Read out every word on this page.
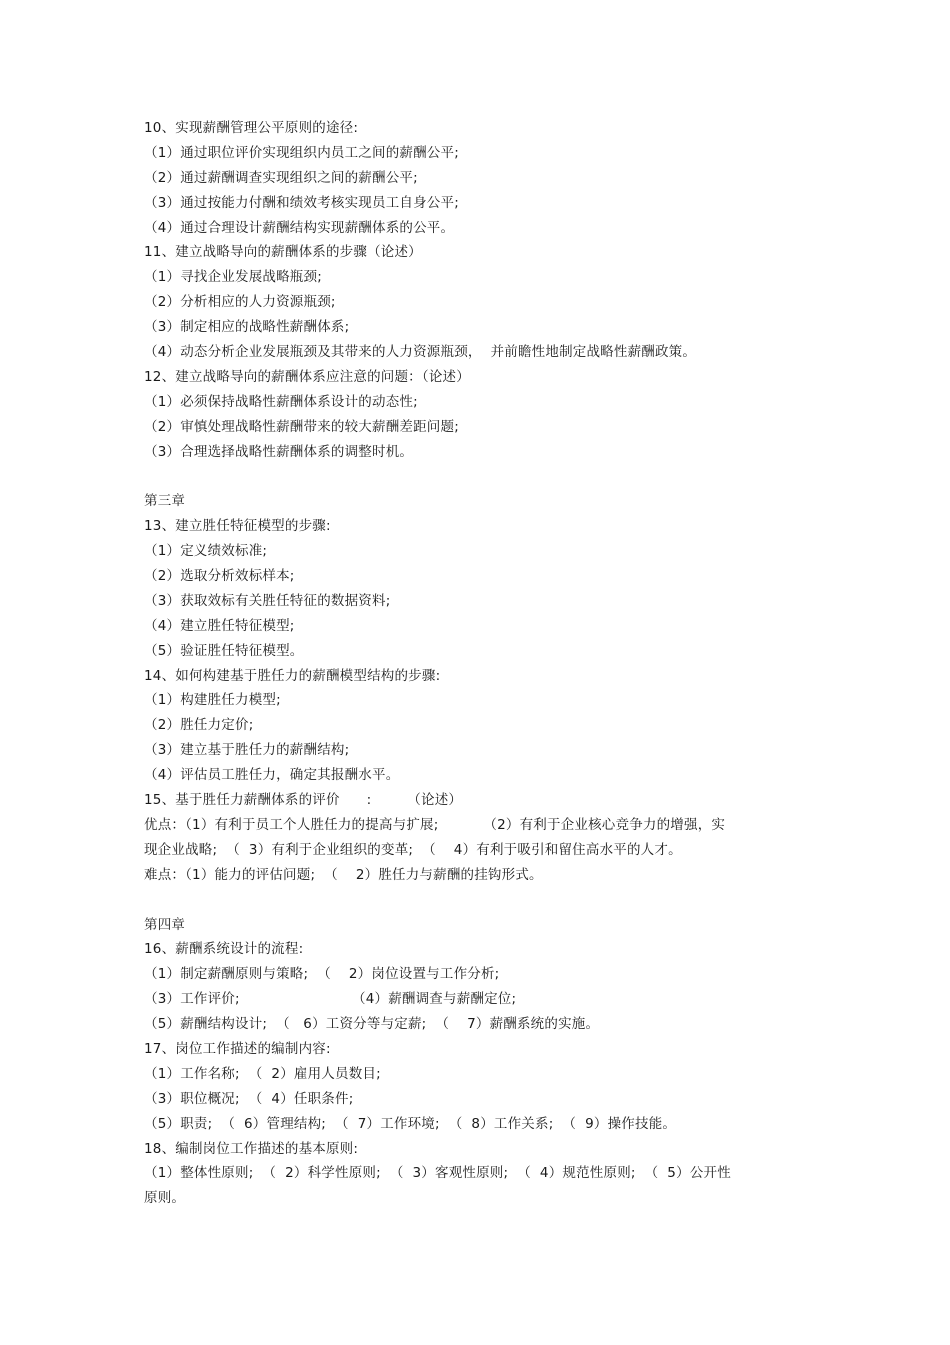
10、实现薪酬管理公平原则的途径:
（1）通过职位评价实现组织内员工之间的薪酬公平;
（2）通过薪酬调查实现组织之间的薪酬公平;
（3）通过按能力付酬和绩效考核实现员工自身公平;
（4）通过合理设计薪酬结构实现薪酬体系的公平。
11、建立战略导向的薪酬体系的步骤（论述）
（1）寻找企业发展战略瓶颈;
（2）分析相应的人力资源瓶颈;
（3）制定相应的战略性薪酬体系;
（4）动态分析企业发展瓶颈及其带来的人力资源瓶颈，  并前瞻性地制定战略性薪酬政策。
12、建立战略导向的薪酬体系应注意的问题：（论述）
（1）必须保持战略性薪酬体系设计的动态性;
（2）审慎处理战略性薪酬带来的较大薪酬差距问题;
（3）合理选择战略性薪酬体系的调整时机。
第三章
13、建立胜任特征模型的步骤:
（1）定义绩效标准;
（2）选取分析效标样本;
（3）获取效标有关胜任特征的数据资料;
（4）建立胜任特征模型;
（5）验证胜任特征模型。
14、如何构建基于胜任力的薪酬模型结构的步骤:
（1）构建胜任力模型;
（2）胜任力定价;
（3）建立基于胜任力的薪酬结构;
（4）评估员工胜任力，确定其报酬水平。
15、基于胜任力薪酬体系的评价      :        （论述）
优点：（1）有利于员工个人胜任力的提高与扩展;          （2）有利于企业核心竞争力的增强，实
现企业战略;  （  3）有利于企业组织的变革;  （    4）有利于吸引和留住高水平的人才。
难点：（1）能力的评估问题;  （    2）胜任力与薪酬的挂钩形式。
第四章
16、薪酬系统设计的流程:
（1）制定薪酬原则与策略;  （    2）岗位设置与工作分析;
（3）工作评价;                         （4）薪酬调查与薪酬定位;
（5）薪酬结构设计;  （   6）工资分等与定薪;  （    7）薪酬系统的实施。
17、岗位工作描述的编制内容:
（1）工作名称;  （  2）雇用人员数目;
（3）职位概况;  （  4）任职条件;
（5）职责;  （  6）管理结构;  （  7）工作环境;  （  8）工作关系;  （  9）操作技能。
18、编制岗位工作描述的基本原则:
（1）整体性原则;  （  2）科学性原则;  （  3）客观性原则;  （  4）规范性原则;  （  5）公开性
原则。
